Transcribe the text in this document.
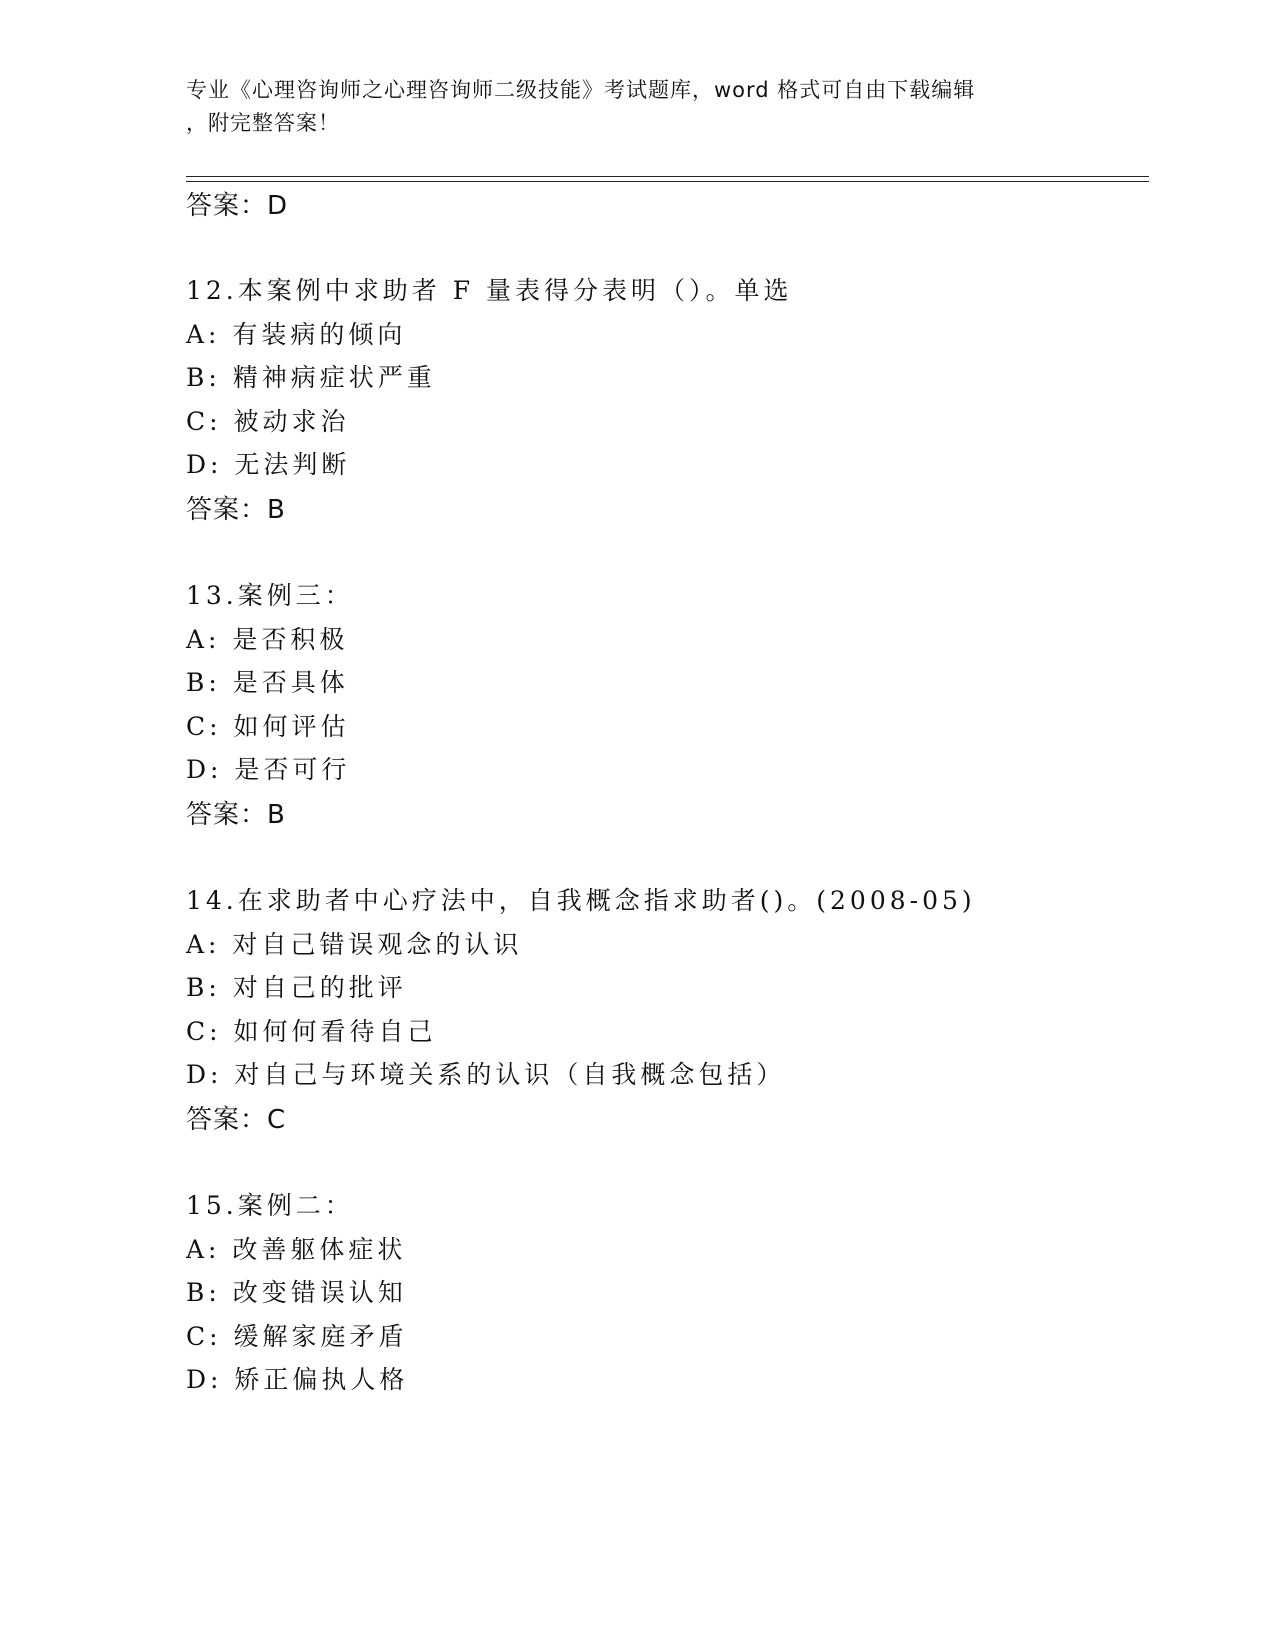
专业《心理咨询师之心理咨询师二级技能》考试题库，word 格式可自由下载编辑
，附完整答案！
答案：D
12.本案例中求助者 F 量表得分表明（）。单选
A: 有装病的倾向
B: 精神病症状严重
C: 被动求治
D: 无法判断
答案：B
13.案例三：
A: 是否积极
B: 是否具体
C: 如何评估
D: 是否可行
答案：B
14.在求助者中心疗法中，自我概念指求助者()。(2008-05)
A: 对自己错误观念的认识
B: 对自己的批评
C: 如何何看待自己
D: 对自己与环境关系的认识（自我概念包括）
答案：C
15.案例二：
A: 改善躯体症状
B: 改变错误认知
C: 缓解家庭矛盾
D: 矫正偏执人格
